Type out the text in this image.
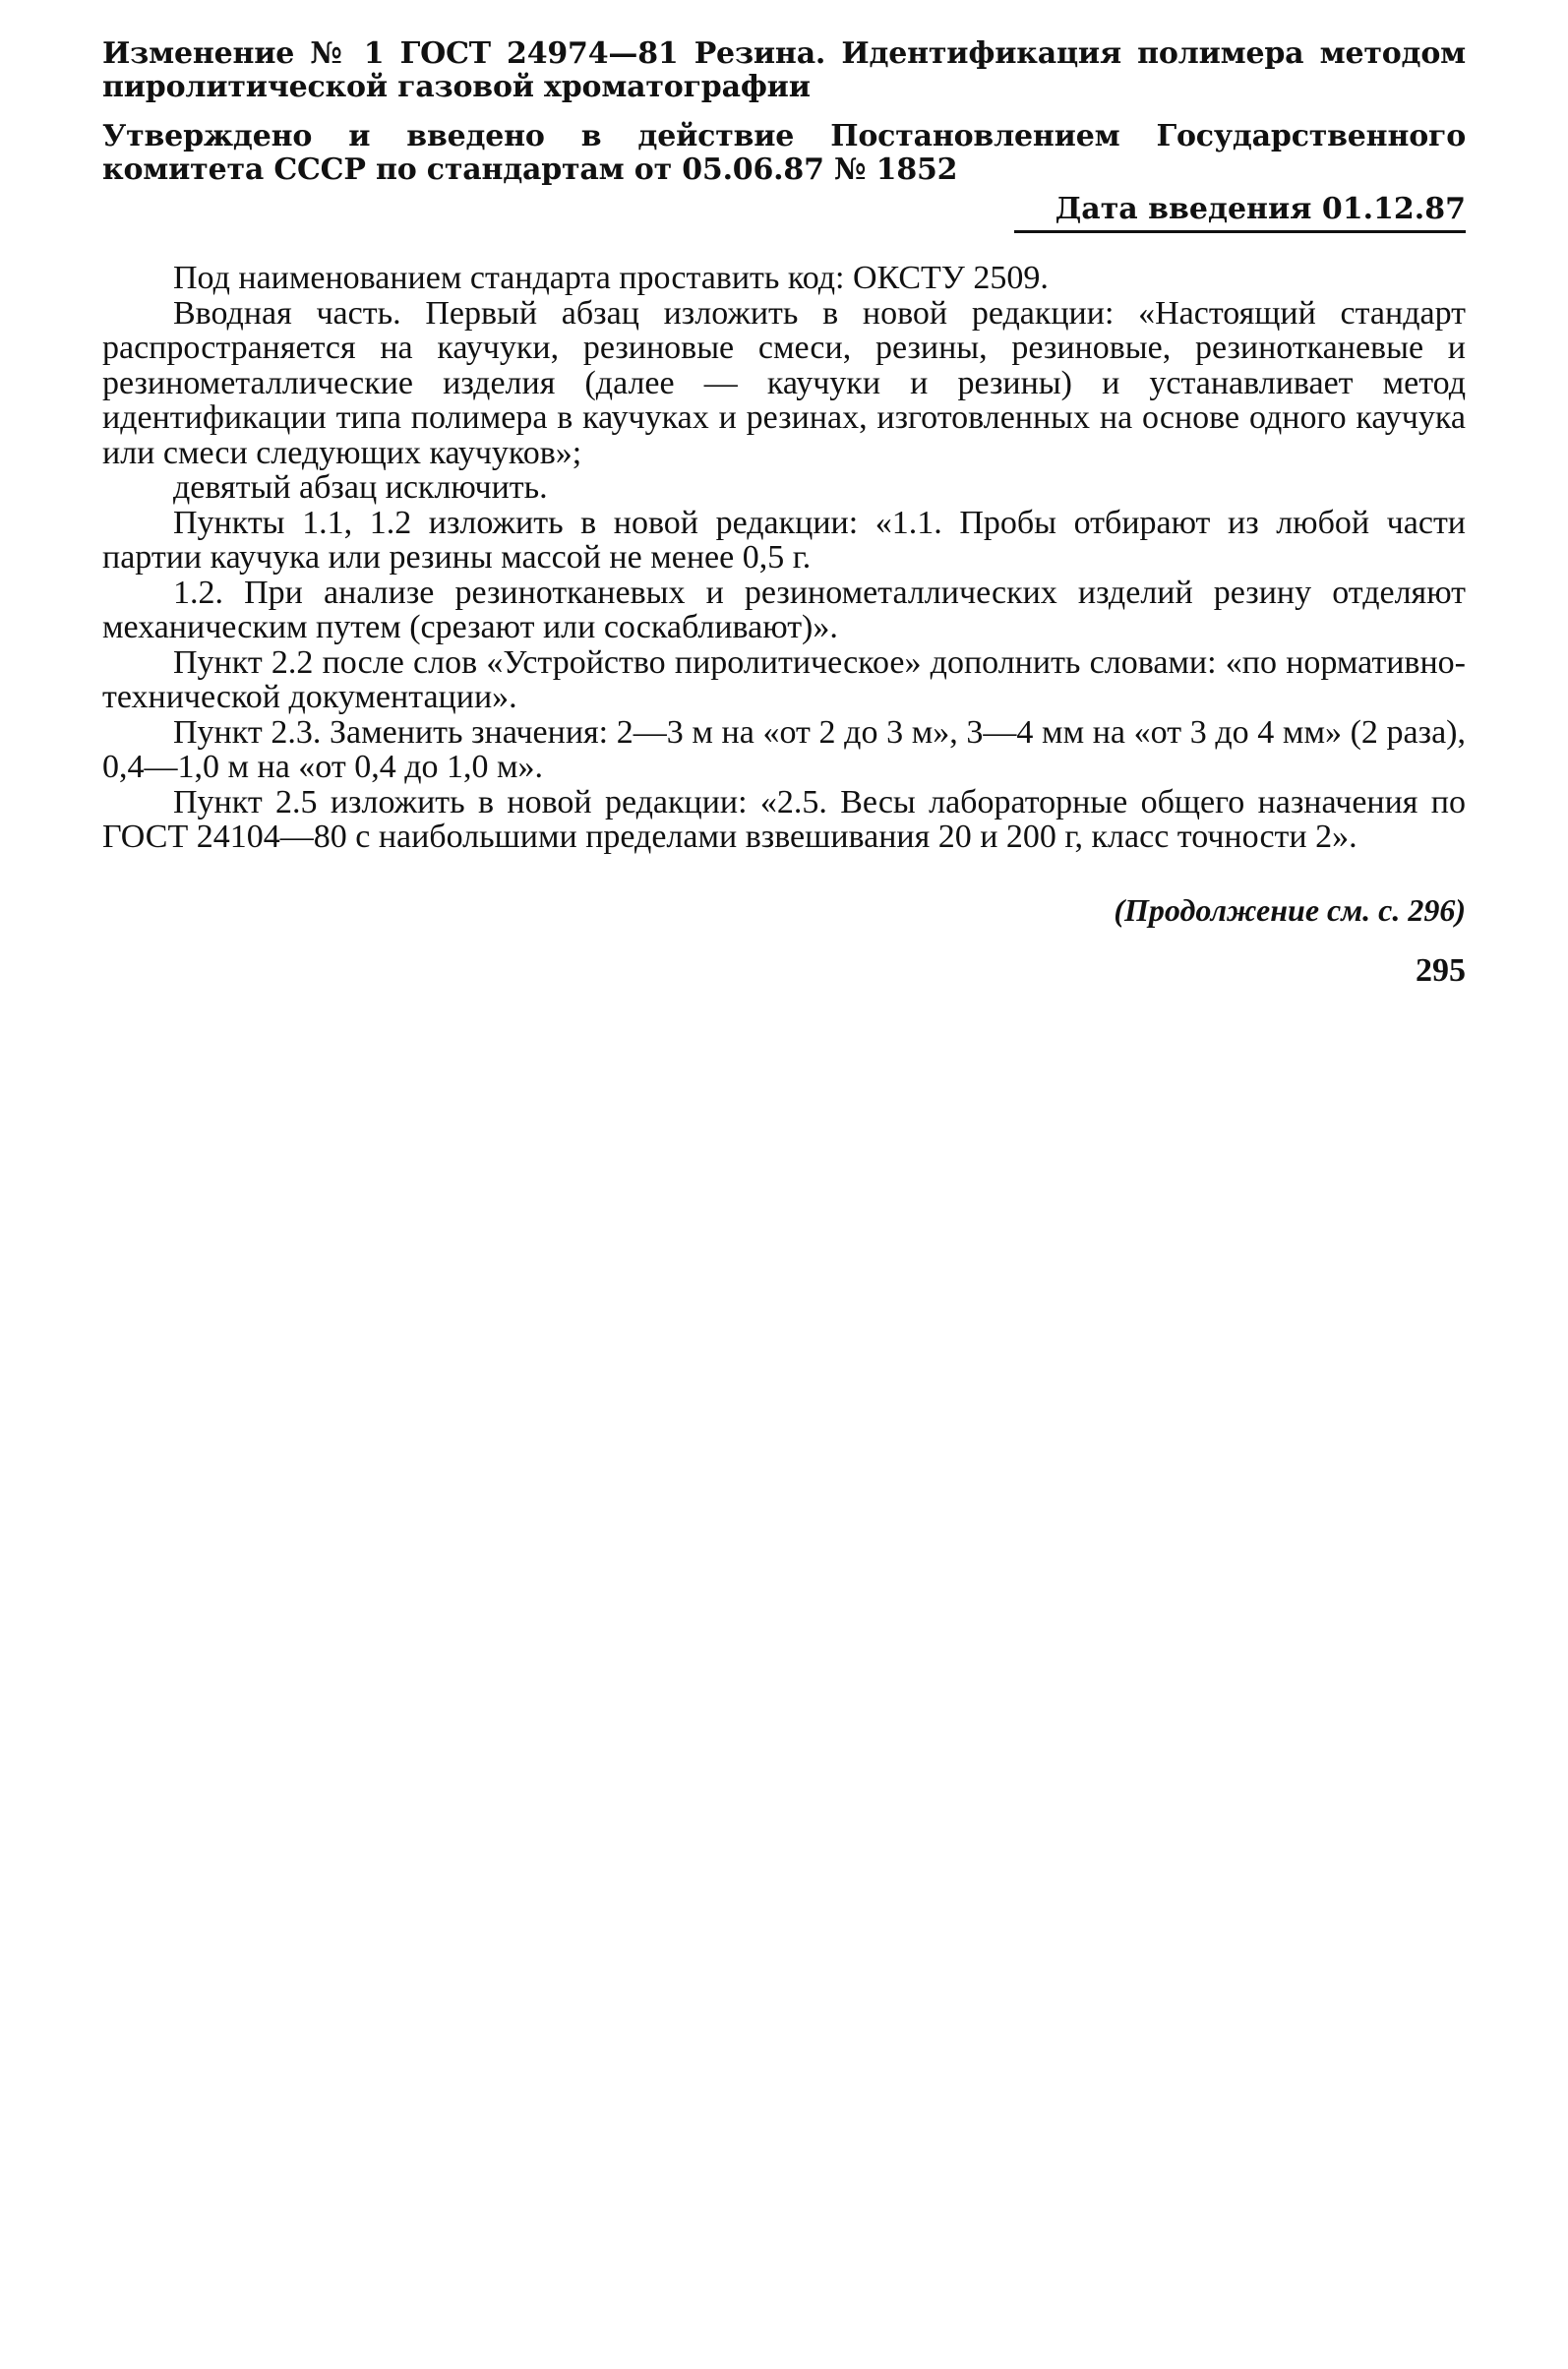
Изменение № 1 ГОСТ 24974—81 Резина. Идентификация полимера методом пиролитической газовой хроматографии

Утверждено и введено в действие Постановлением Государственного комитета СССР по стандартам от 05.06.87 № 1852

Дата введения 01.12.87

Под наименованием стандарта проставить код: ОКСТУ 2509.

Вводная часть. Первый абзац изложить в новой редакции: «Настоящий стандарт распространяется на каучуки, резиновые смеси, резины, резиновые, резинотканевые и резинометаллические изделия (далее — каучуки и резины) и устанавливает метод идентификации типа полимера в каучуках и резинах, изготовленных на основе одного каучука или смеси следующих каучуков»;

девятый абзац исключить.

Пункты 1.1, 1.2 изложить в новой редакции: «1.1. Пробы отбирают из любой части партии каучука или резины массой не менее 0,5 г.

1.2. При анализе резинотканевых и резинометаллических изделий резину отделяют механическим путем (срезают или соскабливают)».

Пункт 2.2 после слов «Устройство пиролитическое» дополнить словами: «по нормативно-технической документации».

Пункт 2.3. Заменить значения: 2—3 м на «от 2 до 3 м», 3—4 мм на «от 3 до 4 мм» (2 раза), 0,4—1,0 м на «от 0,4 до 1,0 м».

Пункт 2.5 изложить в новой редакции: «2.5. Весы лабораторные общего назначения по ГОСТ 24104—80 с наибольшими пределами взвешивания 20 и 200 г, класс точности 2».

(Продолжение см. с. 296)
295
